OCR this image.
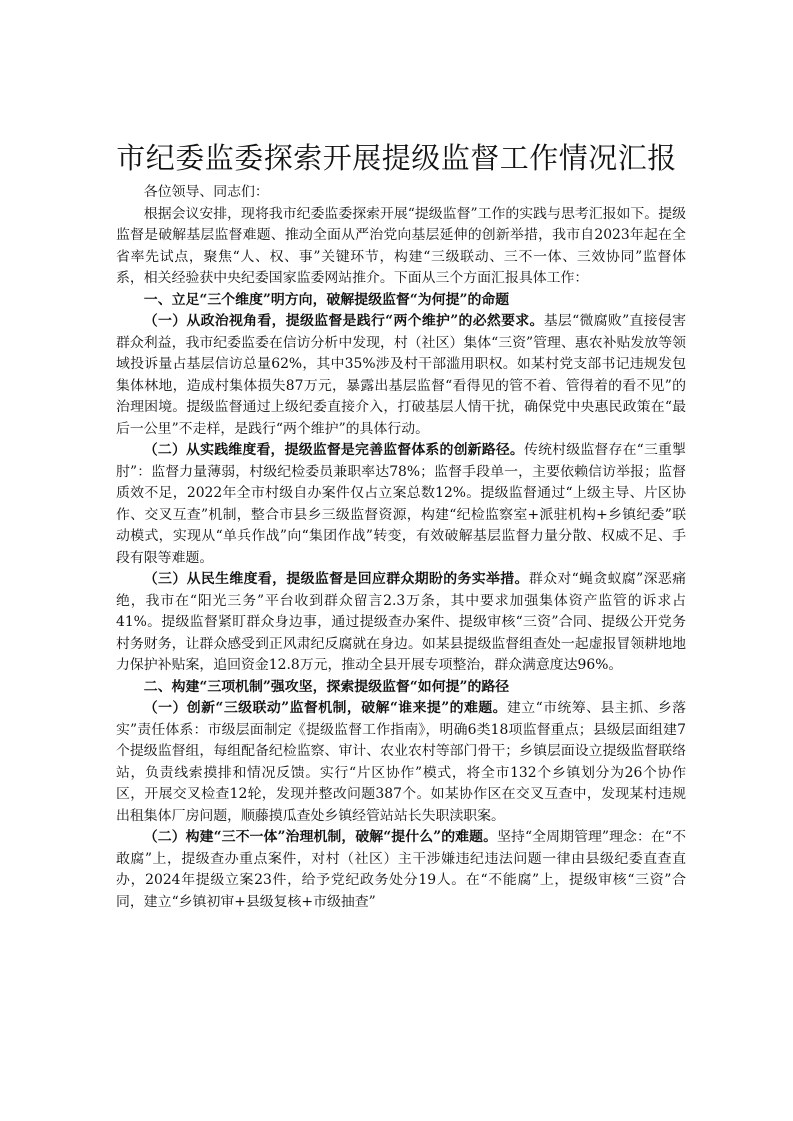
市纪委监委探索开展提级监督工作情况汇报

各位领导、同志们：

根据会议安排，现将我市纪委监委探索开展“提级监督”工作的实践与思考汇报如下。提级监督是破解基层监督难题、推动全面从严治党向基层延伸的创新举措，我市自2023年起在全省率先试点，聚焦“人、权、事”关键环节，构建“三级联动、三不一体、三效协同”监督体系，相关经验获中央纪委国家监委网站推介。下面从三个方面汇报具体工作：

一、立足“三个维度”明方向，破解提级监督“为何提”的命题

（一）从政治视角看，提级监督是践行“两个维护”的必然要求。基层“微腐败”直接侵害群众利益，我市纪委监委在信访分析中发现，村（社区）集体“三资”管理、惠农补贴发放等领域投诉量占基层信访总量62%，其中35%涉及村干部滥用职权。如某村党支部书记违规发包集体林地，造成村集体损失87万元，暴露出基层监督“看得见的管不着、管得着的看不见”的治理困境。提级监督通过上级纪委直接介入，打破基层人情干扰，确保党中央惠民政策在“最后一公里”不走样，是践行“两个维护”的具体行动。

（二）从实践维度看，提级监督是完善监督体系的创新路径。传统村级监督存在“三重掣肘”：监督力量薄弱，村级纪检委员兼职率达78%；监督手段单一，主要依赖信访举报；监督质效不足，2022年全市村级自办案件仅占立案总数12%。提级监督通过“上级主导、片区协作、交叉互查”机制，整合市县乡三级监督资源，构建“纪检监察室+派驻机构+乡镇纪委”联动模式，实现从“单兵作战”向“集团作战”转变，有效破解基层监督力量分散、权威不足、手段有限等难题。

（三）从民生维度看，提级监督是回应群众期盼的务实举措。群众对“蝇贪蚁腐”深恶痛绝，我市在“阳光三务”平台收到群众留言2.3万条，其中要求加强集体资产监管的诉求占41%。提级监督紧盯群众身边事，通过提级查办案件、提级审核“三资”合同、提级公开党务村务财务，让群众感受到正风肃纪反腐就在身边。如某县提级监督组查处一起虚报冒领耕地地力保护补贴案，追回资金12.8万元，推动全县开展专项整治，群众满意度达96%。

二、构建“三项机制”强攻坚，探索提级监督“如何提”的路径

（一）创新“三级联动”监督机制，破解“谁来提”的难题。建立“市统筹、县主抓、乡落实”责任体系：市级层面制定《提级监督工作指南》，明确6类18项监督重点；县级层面组建7个提级监督组，每组配备纪检监察、审计、农业农村等部门骨干；乡镇层面设立提级监督联络站，负责线索摸排和情况反馈。实行“片区协作”模式，将全市132个乡镇划分为26个协作区，开展交叉检查12轮，发现并整改问题387个。如某协作区在交叉互查中，发现某村违规出租集体厂房问题，顺藤摸瓜查处乡镇经管站站长失职渎职案。

（二）构建“三不一体”治理机制，破解“提什么”的难题。坚持“全周期管理”理念：在“不敢腐”上，提级查办重点案件，对村（社区）主干涉嫌违纪违法问题一律由县级纪委直查直办，2024年提级立案23件，给予党纪政务处分19人。在“不能腐”上，提级审核“三资”合同，建立“乡镇初审+县级复核+市级抽查”
